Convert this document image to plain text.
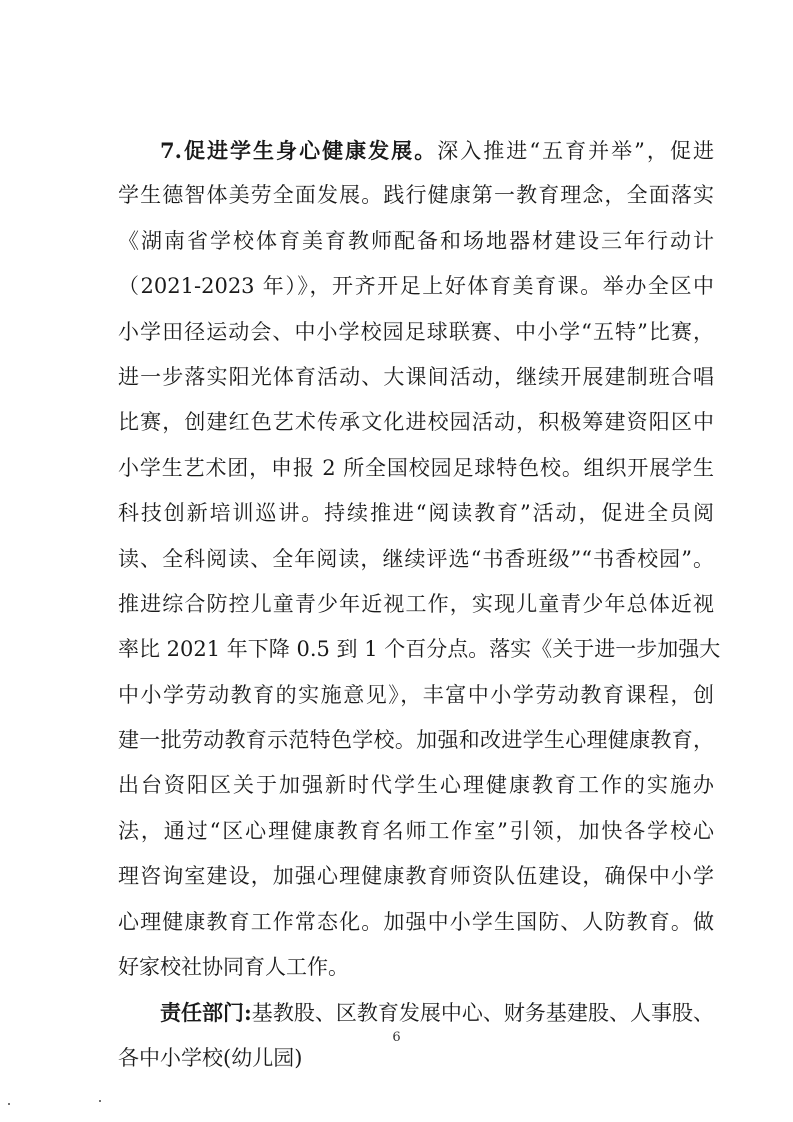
7.促进学生身心健康发展。深入推进“五育并举”，促进
学生德智体美劳全面发展。践行健康第一教育理念，全面落实
《湖南省学校体育美育教师配备和场地器材建设三年行动计
（2021-2023 年）》，开齐开足上好体育美育课。举办全区中
小学田径运动会、中小学校园足球联赛、中小学“五特”比赛，
进一步落实阳光体育活动、大课间活动，继续开展建制班合唱
比赛，创建红色艺术传承文化进校园活动，积极筹建资阳区中
小学生艺术团，申报 2 所全国校园足球特色校。组织开展学生
科技创新培训巡讲。持续推进“阅读教育”活动，促进全员阅
读、全科阅读、全年阅读，继续评选“书香班级”“书香校园”。
推进综合防控儿童青少年近视工作，实现儿童青少年总体近视
率比 2021 年下降 0.5 到 1 个百分点。落实《关于进一步加强大
中小学劳动教育的实施意见》，丰富中小学劳动教育课程，创
建一批劳动教育示范特色学校。加强和改进学生心理健康教育，
出台资阳区关于加强新时代学生心理健康教育工作的实施办
法，通过“区心理健康教育名师工作室”引领，加快各学校心
理咨询室建设，加强心理健康教育师资队伍建设，确保中小学
心理健康教育工作常态化。加强中小学生国防、人防教育。做
好家校社协同育人工作。
责任部门:基教股、区教育发展中心、财务基建股、人事股、
各中小学校(幼儿园)
6
